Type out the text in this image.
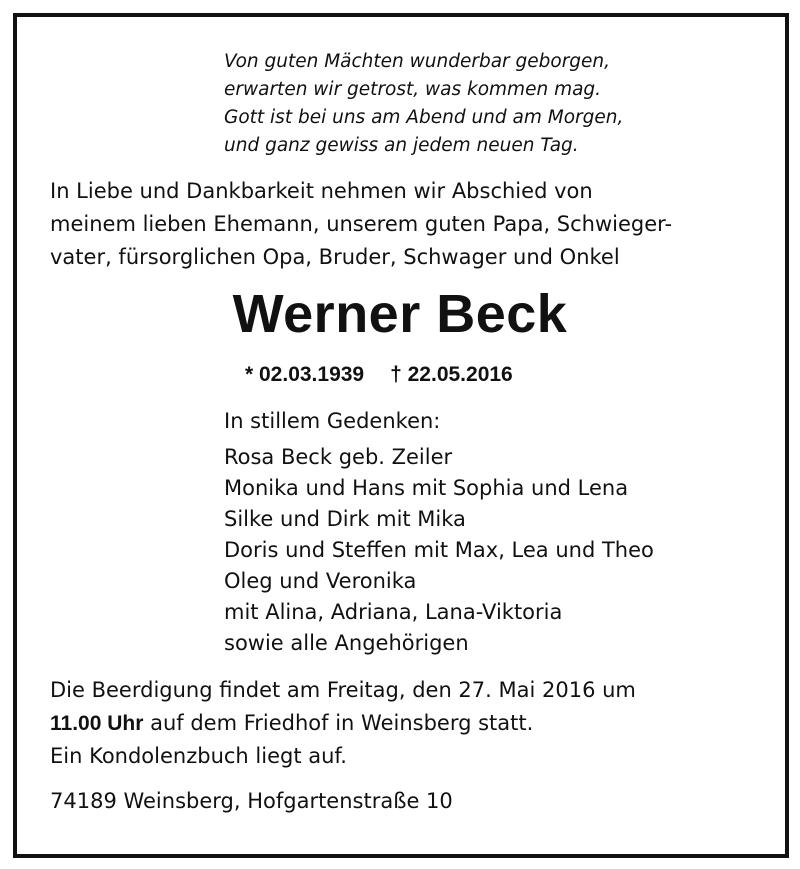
Von guten Mächten wunderbar geborgen,
erwarten wir getrost, was kommen mag.
Gott ist bei uns am Abend und am Morgen,
und ganz gewiss an jedem neuen Tag.
In Liebe und Dankbarkeit nehmen wir Abschied von
meinem lieben Ehemann, unserem guten Papa, Schwieger-
vater, fürsorglichen Opa, Bruder, Schwager und Onkel
Werner Beck
* 02.03.1939 † 22.05.2016
In stillem Gedenken:
Rosa Beck geb. Zeiler
Monika und Hans mit Sophia und Lena
Silke und Dirk mit Mika
Doris und Steffen mit Max, Lea und Theo
Oleg und Veronika
mit Alina, Adriana, Lana-Viktoria
sowie alle Angehörigen
Die Beerdigung findet am Freitag, den 27. Mai 2016 um
11.00 Uhr auf dem Friedhof in Weinsberg statt.
Ein Kondolenzbuch liegt auf.
74189 Weinsberg, Hofgartenstraße 10
